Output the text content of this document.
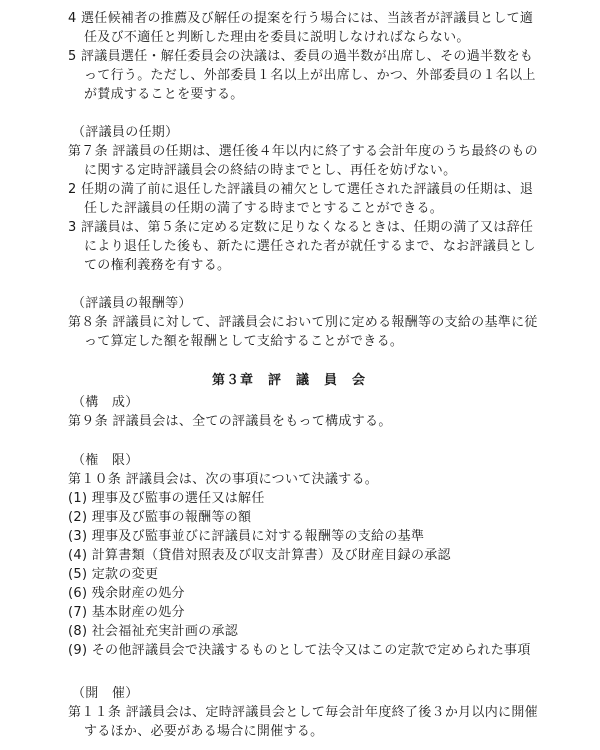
4 選任候補者の推薦及び解任の提案を行う場合には、当該者が評議員として適
任及び不適任と判断した理由を委員に説明しなければならない。
5 評議員選任・解任委員会の決議は、委員の過半数が出席し、その過半数をも
って行う。ただし、外部委員１名以上が出席し、かつ、外部委員の１名以上
が賛成することを要する。
（評議員の任期）
第７条 評議員の任期は、選任後４年以内に終了する会計年度のうち最終のもの
に関する定時評議員会の終結の時までとし、再任を妨げない。
2 任期の満了前に退任した評議員の補欠として選任された評議員の任期は、退
任した評議員の任期の満了する時までとすることができる。
3 評議員は、第５条に定める定数に足りなくなるときは、任期の満了又は辞任
により退任した後も、新たに選任された者が就任するまで、なお評議員とし
ての権利義務を有する。
（評議員の報酬等）
第８条 評議員に対して、評議員会において別に定める報酬等の支給の基準に従
って算定した額を報酬として支給することができる。
第３章　評　議　員　会
（構　成）
第９条 評議員会は、全ての評議員をもって構成する。
（権　限）
第１０条 評議員会は、次の事項について決議する。
(1) 理事及び監事の選任又は解任
(2) 理事及び監事の報酬等の額
(3) 理事及び監事並びに評議員に対する報酬等の支給の基準
(4) 計算書類（貸借対照表及び収支計算書）及び財産目録の承認
(5) 定款の変更
(6) 残余財産の処分
(7) 基本財産の処分
(8) 社会福祉充実計画の承認
(9) その他評議員会で決議するものとして法令又はこの定款で定められた事項
（開　催）
第１１条 評議員会は、定時評議員会として毎会計年度終了後３か月以内に開催
するほか、必要がある場合に開催する。
